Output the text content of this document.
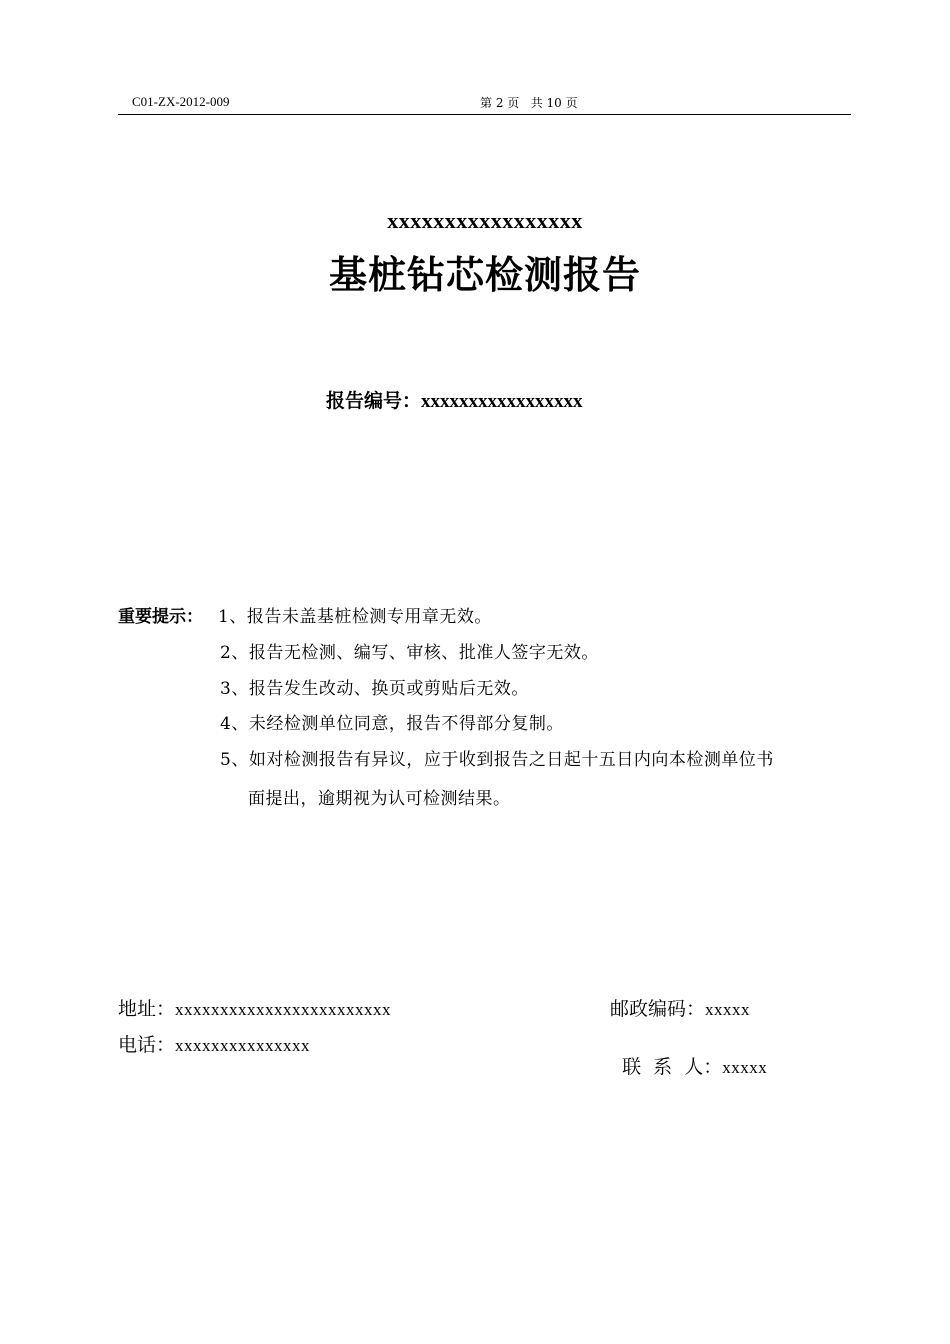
C01-ZX-2012-009	第 2 页   共 10 页
xxxxxxxxxxxxxxxxx
基桩钻芯检测报告
报告编号：xxxxxxxxxxxxxxxxx
重要提示： 1、报告未盖基桩检测专用章无效。
2、报告无检测、编写、审核、批准人签字无效。
3、报告发生改动、换页或剪贴后无效。
4、未经检测单位同意，报告不得部分复制。
5、如对检测报告有异议，应于收到报告之日起十五日内向本检测单位书
面提出，逾期视为认可检测结果。
地址：xxxxxxxxxxxxxxxxxxxxxxxx	邮政编码：xxxxx
电话：xxxxxxxxxxxxxxx

联  系  人：xxxxx
